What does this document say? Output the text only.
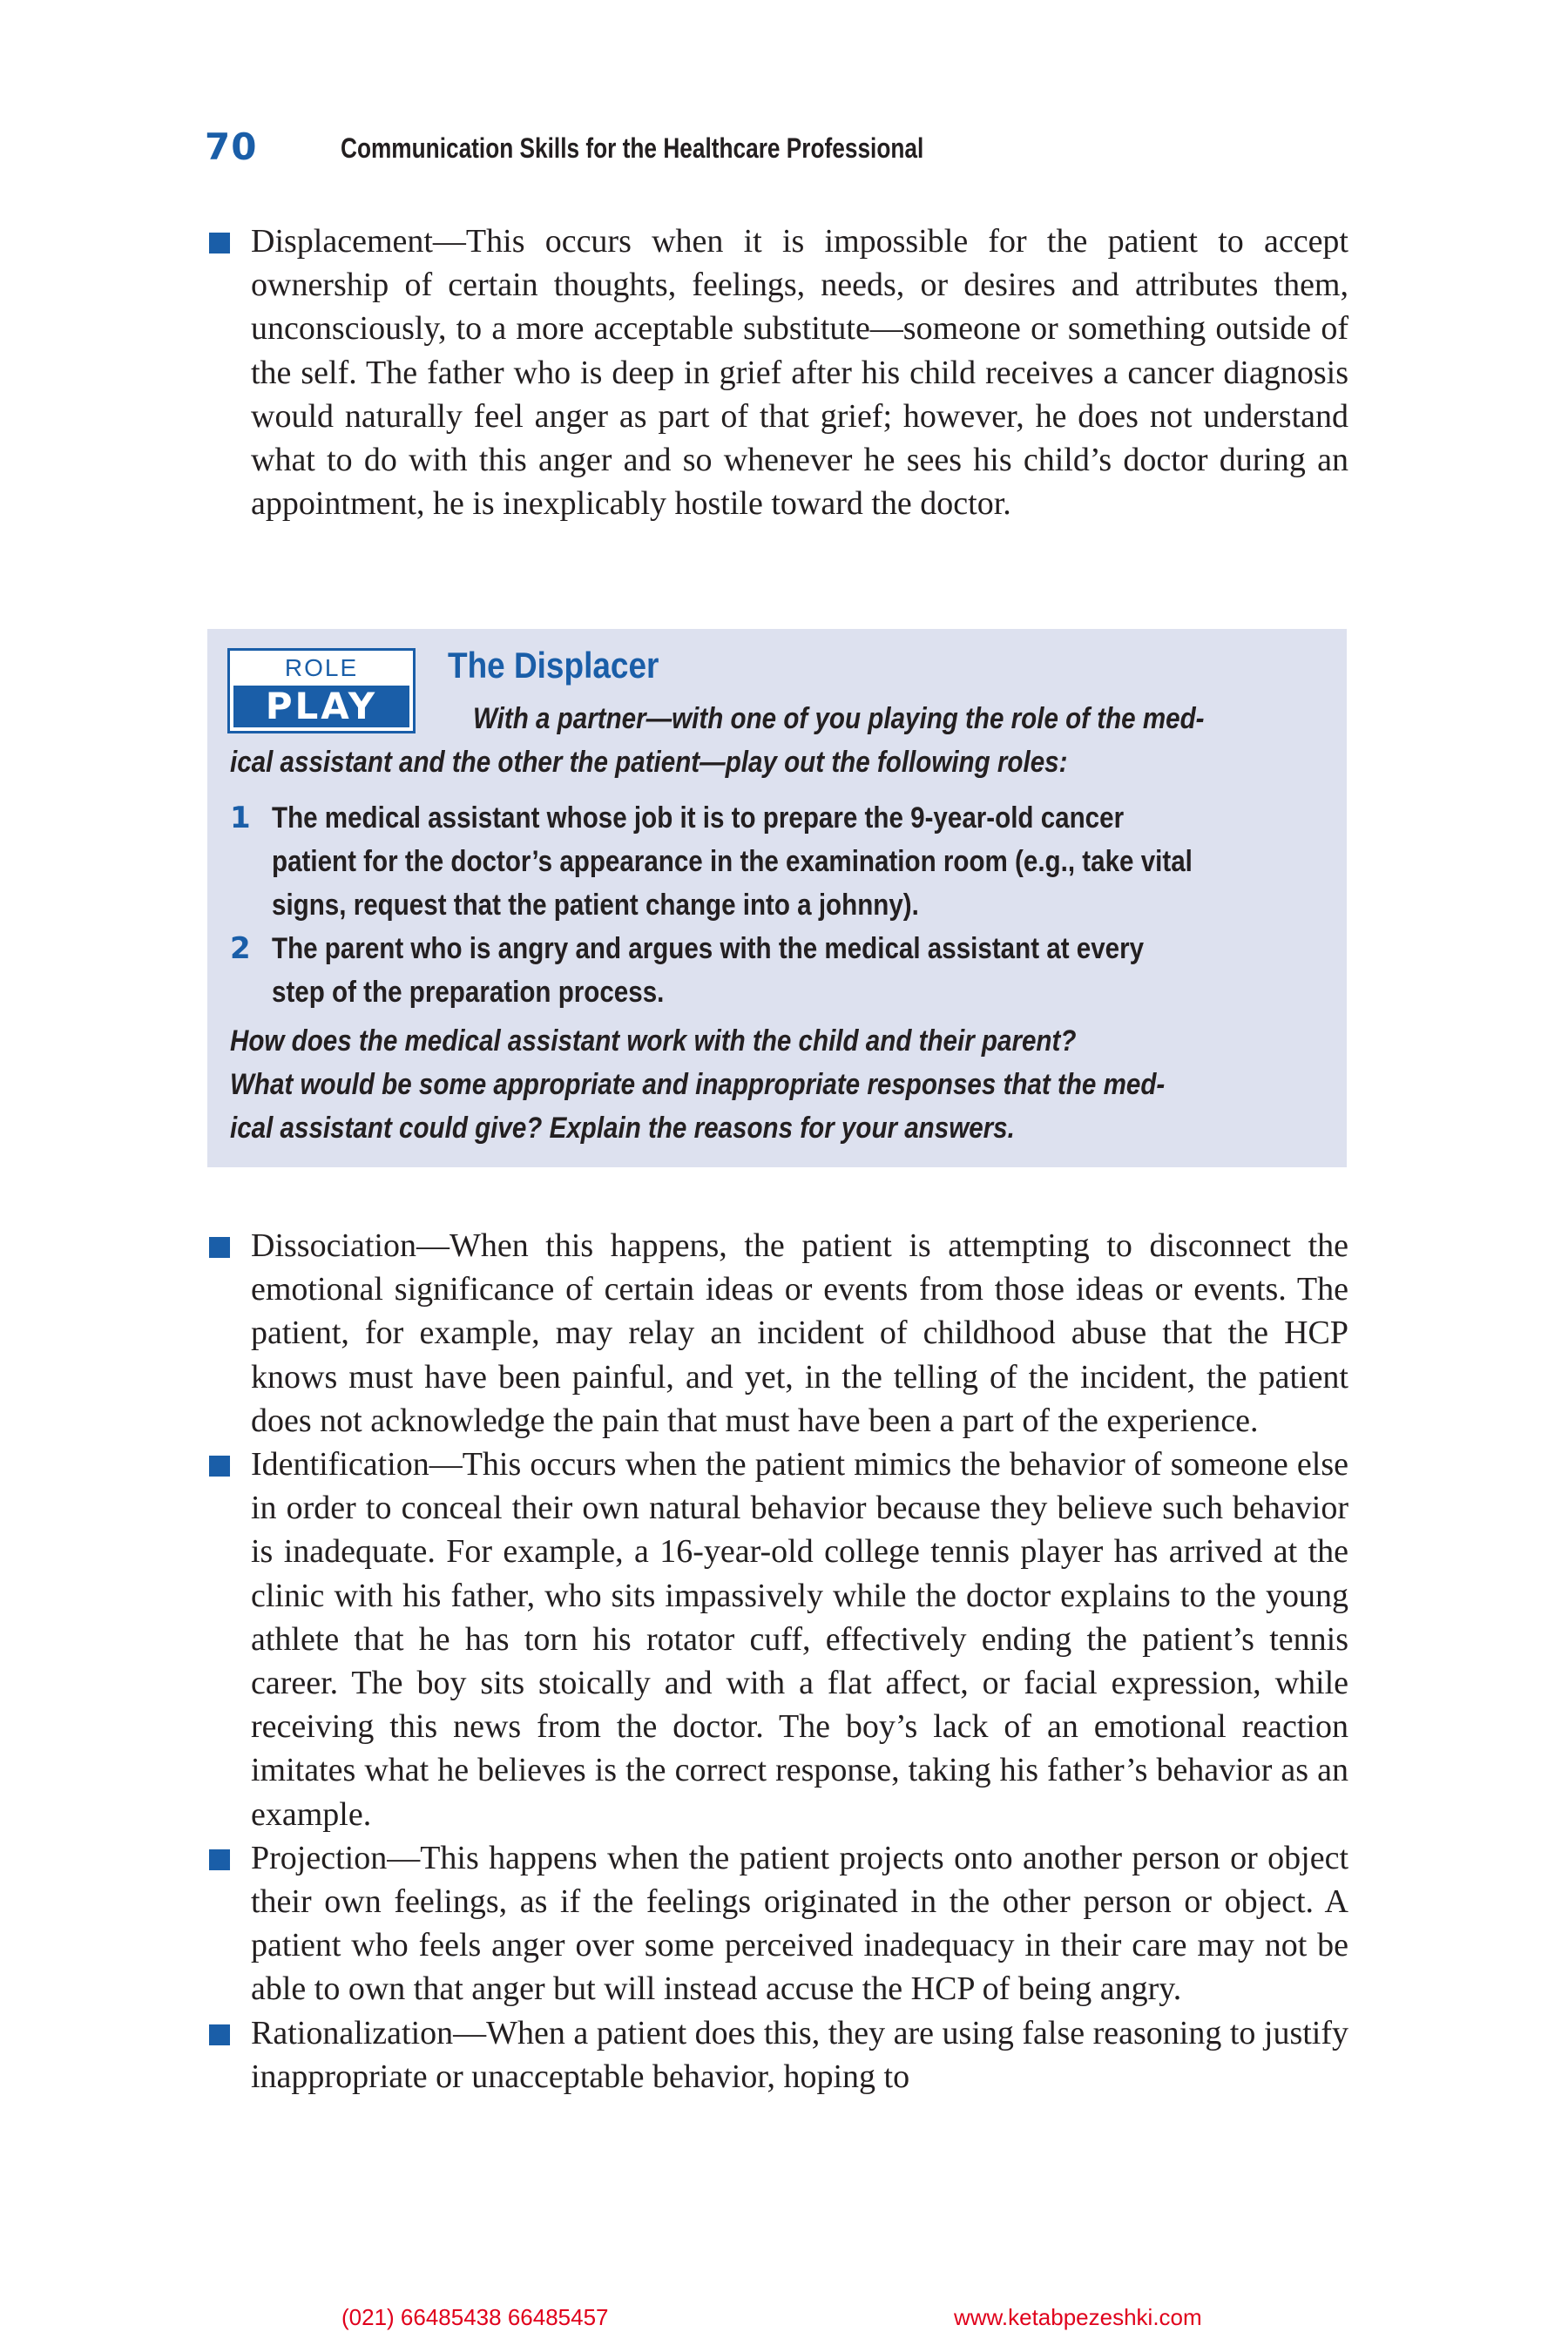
70	Communication Skills for the Healthcare Professional
Displacement—This occurs when it is impossible for the patient to accept ownership of certain thoughts, feelings, needs, or desires and attributes them, unconsciously, to a more acceptable substitute—someone or something outside of the self. The father who is deep in grief after his child receives a cancer diagnosis would naturally feel anger as part of that grief; however, he does not understand what to do with this anger and so whenever he sees his child’s doctor during an appointment, he is inexplicably hostile toward the doctor.
ROLE
PLAY
The Displacer
With a partner—with one of you playing the role of the med-
ical assistant and the other the patient—play out the following roles:
1 The medical assistant whose job it is to prepare the 9-year-old cancer
patient for the doctor’s appearance in the examination room (e.g., take vital
signs, request that the patient change into a johnny).
2 The parent who is angry and argues with the medical assistant at every
step of the preparation process.
How does the medical assistant work with the child and their parent?
What would be some appropriate and inappropriate responses that the med-
ical assistant could give? Explain the reasons for your answers.
Dissociation—When this happens, the patient is attempting to disconnect the emotional significance of certain ideas or events from those ideas or events. The patient, for example, may relay an incident of childhood abuse that the HCP knows must have been painful, and yet, in the telling of the incident, the patient does not acknowledge the pain that must have been a part of the experience.
Identification—This occurs when the patient mimics the behavior of someone else in order to conceal their own natural behavior because they believe such behavior is inadequate. For example, a 16-year-old college tennis player has arrived at the clinic with his father, who sits impassively while the doctor explains to the young athlete that he has torn his rotator cuff, effectively ending the patient’s tennis career. The boy sits stoically and with a flat affect, or facial expression, while receiving this news from the doctor. The boy’s lack of an emotional reaction imitates what he believes is the correct response, taking his father’s behavior as an example.
Projection—This happens when the patient projects onto another person or object their own feelings, as if the feelings originated in the other person or object. A patient who feels anger over some perceived inadequacy in their care may not be able to own that anger but will instead accuse the HCP of being angry.
Rationalization—When a patient does this, they are using false reasoning to justify inappropriate or unacceptable behavior, hoping to
(021) 66485438 66485457	www.ketabpezeshki.com
